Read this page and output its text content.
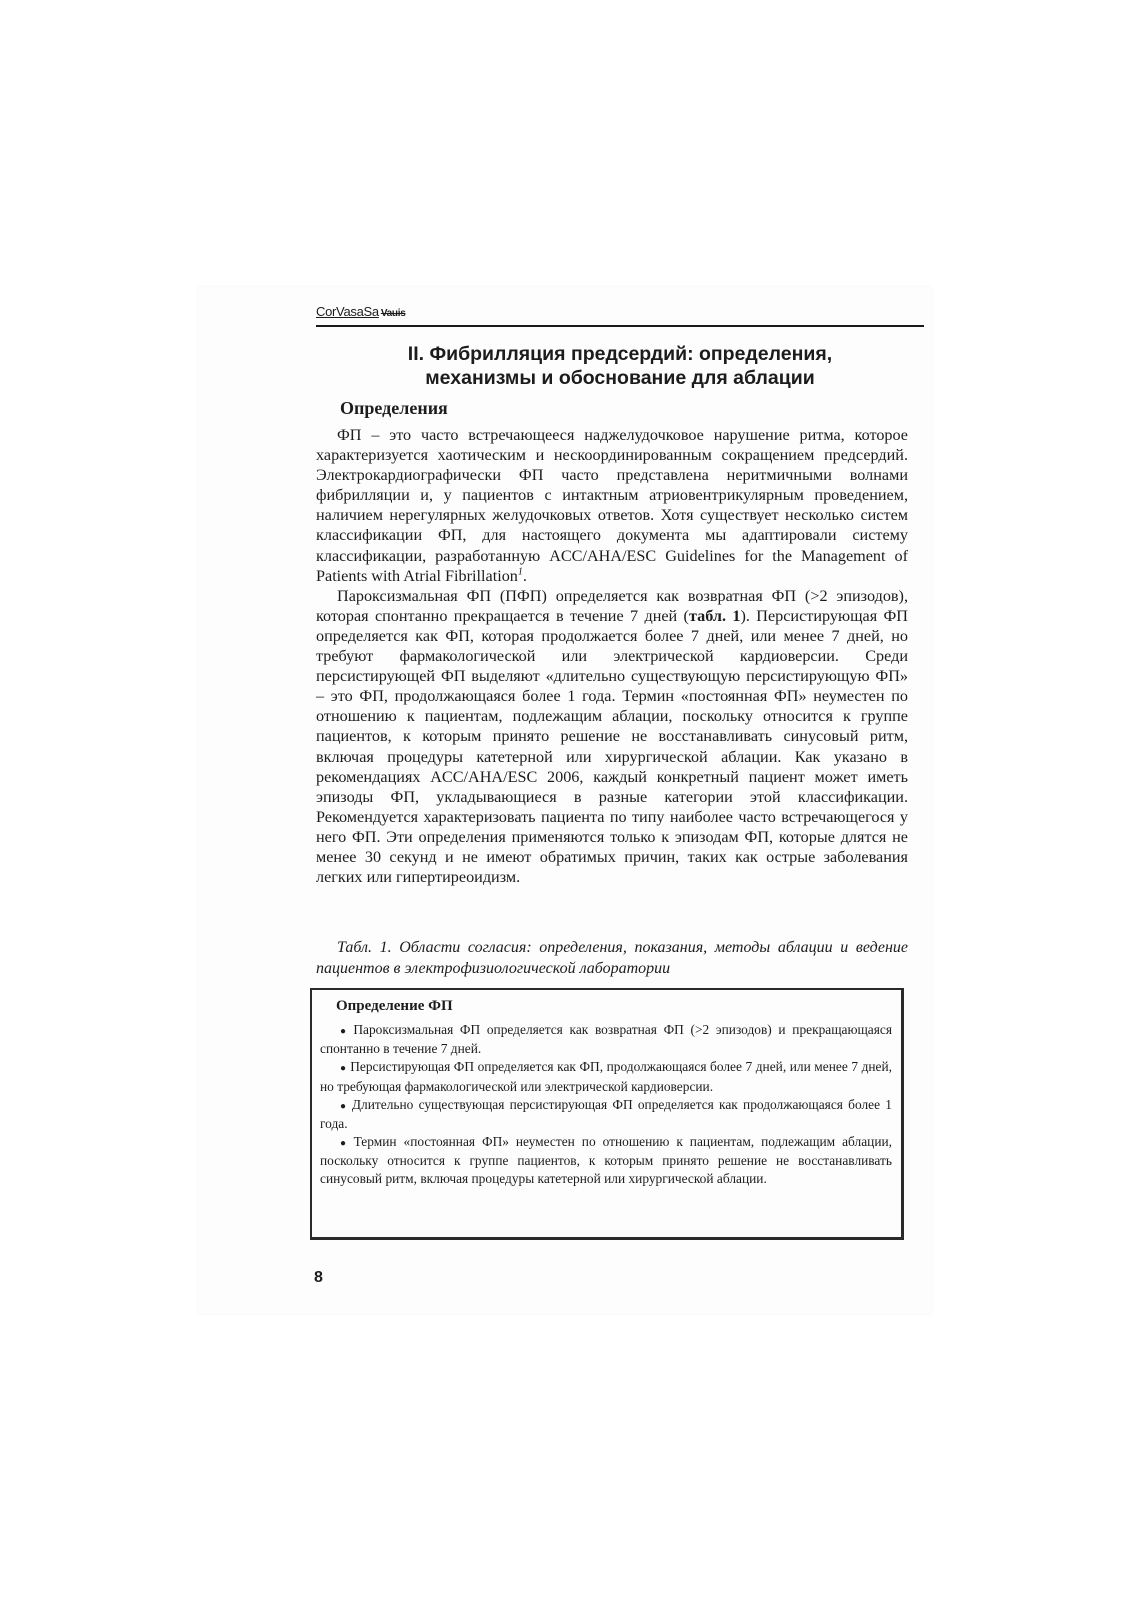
CorVasaSa Vauis
II. Фибрилляция предсердий: определения,
механизмы и обоснование для аблации
Определения

ФП – это часто встречающееся наджелудочковое нарушение ритма, которое характеризуется хаотическим и нескоординированным сокращением предсердий. Электрокардиографически ФП часто представлена неритмичными волнами фибрилляции и, у пациентов с интактным атриовентрикулярным проведением, наличием нерегулярных желудочковых ответов. Хотя существует несколько систем классификации ФП, для настоящего документа мы адаптировали систему классификации, разработанную ACC/AHA/ESC Guidelines for the Management of Patients with Atrial Fibrillation$^1$.

Пароксизмальная ФП (ПФП) определяется как возвратная ФП (>2 эпизодов), которая спонтанно прекращается в течение 7 дней (табл. 1). Персистирующая ФП определяется как ФП, которая продолжается более 7 дней, или менее 7 дней, но требуют фармакологической или электрической кардиоверсии. Среди персистирующей ФП выделяют «длительно существующую персистирующую ФП» – это ФП, продолжающаяся более 1 года. Термин «постоянная ФП» неуместен по отношению к пациентам, подлежащим аблации, поскольку относится к группе пациентов, к которым принято решение не восстанавливать синусовый ритм, включая процедуры катетерной или хирургической аблации. Как указано в рекомендациях ACC/AHA/ESC 2006, каждый конкретный пациент может иметь эпизоды ФП, укладывающиеся в разные категории этой классификации. Рекомендуется характеризовать пациента по типу наиболее часто встречающегося у него ФП. Эти определения применяются только к эпизодам ФП, которые длятся не менее 30 секунд и не имеют обратимых причин, таких как острые заболевания легких или гипертиреоидизм.

Табл. 1. Области согласия: определения, показания, методы аблации и ведение пациентов в электрофизиологической лаборатории

Определение ФП
● Пароксизмальная ФП определяется как возвратная ФП (>2 эпизодов) и прекращающаяся спонтанно в течение 7 дней.
● Персистирующая ФП определяется как ФП, продолжающаяся более 7 дней, или менее 7 дней, но требующая фармакологической или электрической кардиоверсии.
● Длительно существующая персистирующая ФП определяется как продолжающаяся более 1 года.
● Термин «постоянная ФП» неуместен по отношению к пациентам, подлежащим аблации, поскольку относится к группе пациентов, к которым принято решение не восстанавливать синусовый ритм, включая процедуры катетерной или хирургической аблации.
8
